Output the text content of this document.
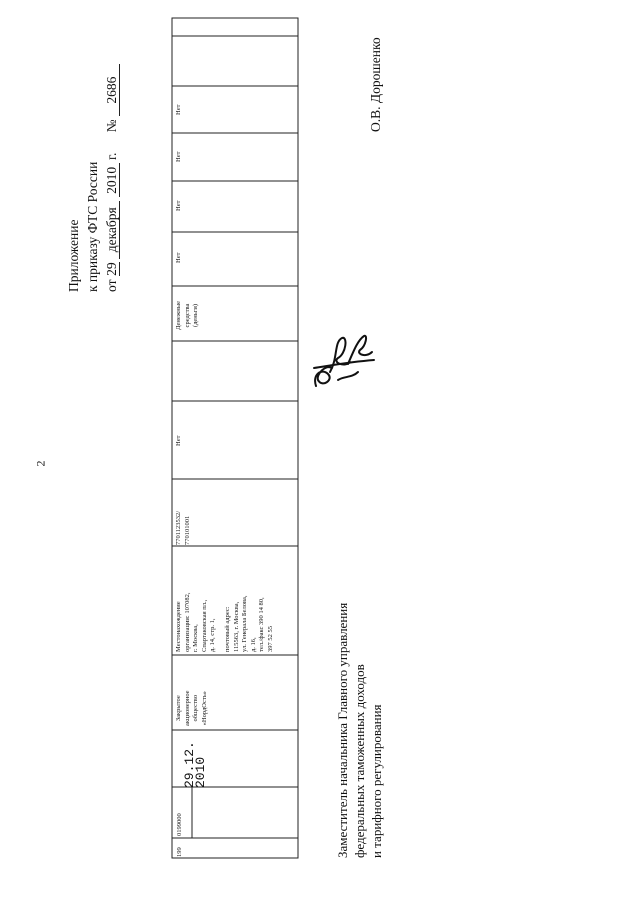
2
Приложение к приказу ФТС России от 29 декабря 2010 г.      № 2686
199
0199000
29.12.
2010
Закрытое акционерное общество «НордОсть»
Местонахождение организации: 107082, г. Москва, Спартаковская пл., д. 14, стр. 1, почтовый адрес: 115563, г. Москва, ул. Генерала Белова, д. 16, тел./факс 390 14 80, 397 52 55
7701123532/ 770101001
Нет
Денежные средства (деньги)
Нет
Нет
Нет
Нет
Заместитель начальника Главного управления федеральных таможенных доходов и тарифного регулирования
О.В. Дорошенко
